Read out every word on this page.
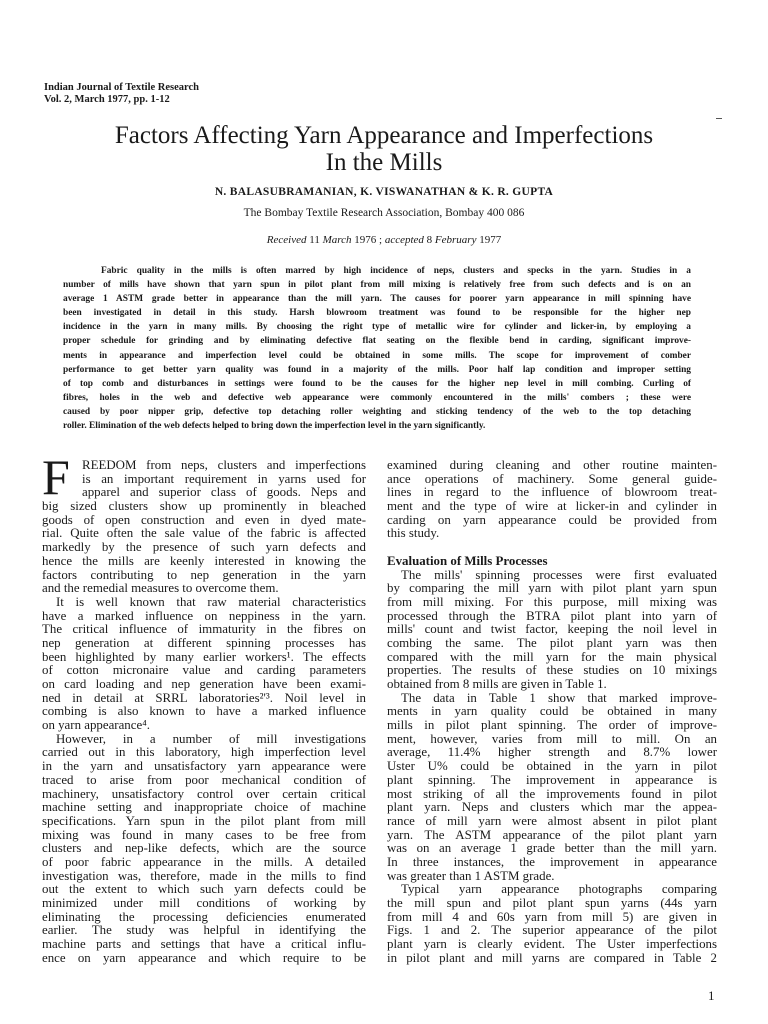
Indian Journal of Textile Research
Vol. 2, March 1977, pp. 1-12
Factors Affecting Yarn Appearance and Imperfections
In the Mills
N. BALASUBRAMANIAN, K. VISWANATHAN & K. R. GUPTA
The Bombay Textile Research Association, Bombay 400 086
Received 11 March 1976 ; accepted 8 February 1977
Fabric quality in the mills is often marred by high incidence of neps, clusters and specks in the yarn. Studies in a
number of mills have shown that yarn spun in pilot plant from mill mixing is relatively free from such defects and is on an
average 1 ASTM grade better in appearance than the mill yarn. The causes for poorer yarn appearance in mill spinning have
been investigated in detail in this study. Harsh blowroom treatment was found to be responsible for the higher nep
incidence in the yarn in many mills. By choosing the right type of metallic wire for cylinder and licker-in, by employing a
proper schedule for grinding and by eliminating defective flat seating on the flexible bend in carding, significant improve-
ments in appearance and imperfection level could be obtained in some mills. The scope for improvement of comber
performance to get better yarn quality was found in a majority of the mills. Poor half lap condition and improper setting
of top comb and disturbances in settings were found to be the causes for the higher nep level in mill combing. Curling of
fibres, holes in the web and defective web appearance were commonly encountered in the mills' combers ; these were
caused by poor nipper grip, defective top detaching roller weighting and sticking tendency of the web to the top detaching
roller. Elimination of the web defects helped to bring down the imperfection level in the yarn significantly.
F REEDOM from neps, clusters and imperfections
is an important requirement in yarns used for
apparel and superior class of goods. Neps and
big sized clusters show up prominently in bleached
goods of open construction and even in dyed mate-
rial. Quite often the sale value of the fabric is affected
markedly by the presence of such yarn defects and
hence the mills are keenly interested in knowing the
factors contributing to nep generation in the yarn
and the remedial measures to overcome them.
It is well known that raw material characteristics
have a marked influence on neppiness in the yarn.
The critical influence of immaturity in the fibres on
nep generation at different spinning processes has
been highlighted by many earlier workers¹. The effects
of cotton micronaire value and carding parameters
on card loading and nep generation have been exami-
ned in detail at SRRL laboratories²'³. Noil level in
combing is also known to have a marked influence
on yarn appearance⁴.
However, in a number of mill investigations
carried out in this laboratory, high imperfection level
in the yarn and unsatisfactory yarn appearance were
traced to arise from poor mechanical condition of
machinery, unsatisfactory control over certain critical
machine setting and inappropriate choice of machine
specifications. Yarn spun in the pilot plant from mill
mixing was found in many cases to be free from
clusters and nep-like defects, which are the source
of poor fabric appearance in the mills. A detailed
investigation was, therefore, made in the mills to find
out the extent to which such yarn defects could be
minimized under mill conditions of working by
eliminating the processing deficiencies enumerated
earlier. The study was helpful in identifying the
machine parts and settings that have a critical influ-
ence on yarn appearance and which require to be
examined during cleaning and other routine mainten-
ance operations of machinery. Some general guide-
lines in regard to the influence of blowroom treat-
ment and the type of wire at licker-in and cylinder in
carding on yarn appearance could be provided from
this study.
Evaluation of Mills Processes
The mills' spinning processes were first evaluated
by comparing the mill yarn with pilot plant yarn spun
from mill mixing. For this purpose, mill mixing was
processed through the BTRA pilot plant into yarn of
mills' count and twist factor, keeping the noil level in
combing the same. The pilot plant yarn was then
compared with the mill yarn for the main physical
properties. The results of these studies on 10 mixings
obtained from 8 mills are given in Table 1.
The data in Table 1 show that marked improve-
ments in yarn quality could be obtained in many
mills in pilot plant spinning. The order of improve-
ment, however, varies from mill to mill. On an
average, 11.4% higher strength and 8.7% lower
Uster U% could be obtained in the yarn in pilot
plant spinning. The improvement in appearance is
most striking of all the improvements found in pilot
plant yarn. Neps and clusters which mar the appea-
rance of mill yarn were almost absent in pilot plant
yarn. The ASTM appearance of the pilot plant yarn
was on an average 1 grade better than the mill yarn.
In three instances, the improvement in appearance
was greater than 1 ASTM grade.
Typical yarn appearance photographs comparing
the mill spun and pilot plant spun yarns (44s yarn
from mill 4 and 60s yarn from mill 5) are given in
Figs. 1 and 2. The superior appearance of the pilot
plant yarn is clearly evident. The Uster imperfections
in pilot plant and mill yarns are compared in Table 2
1
